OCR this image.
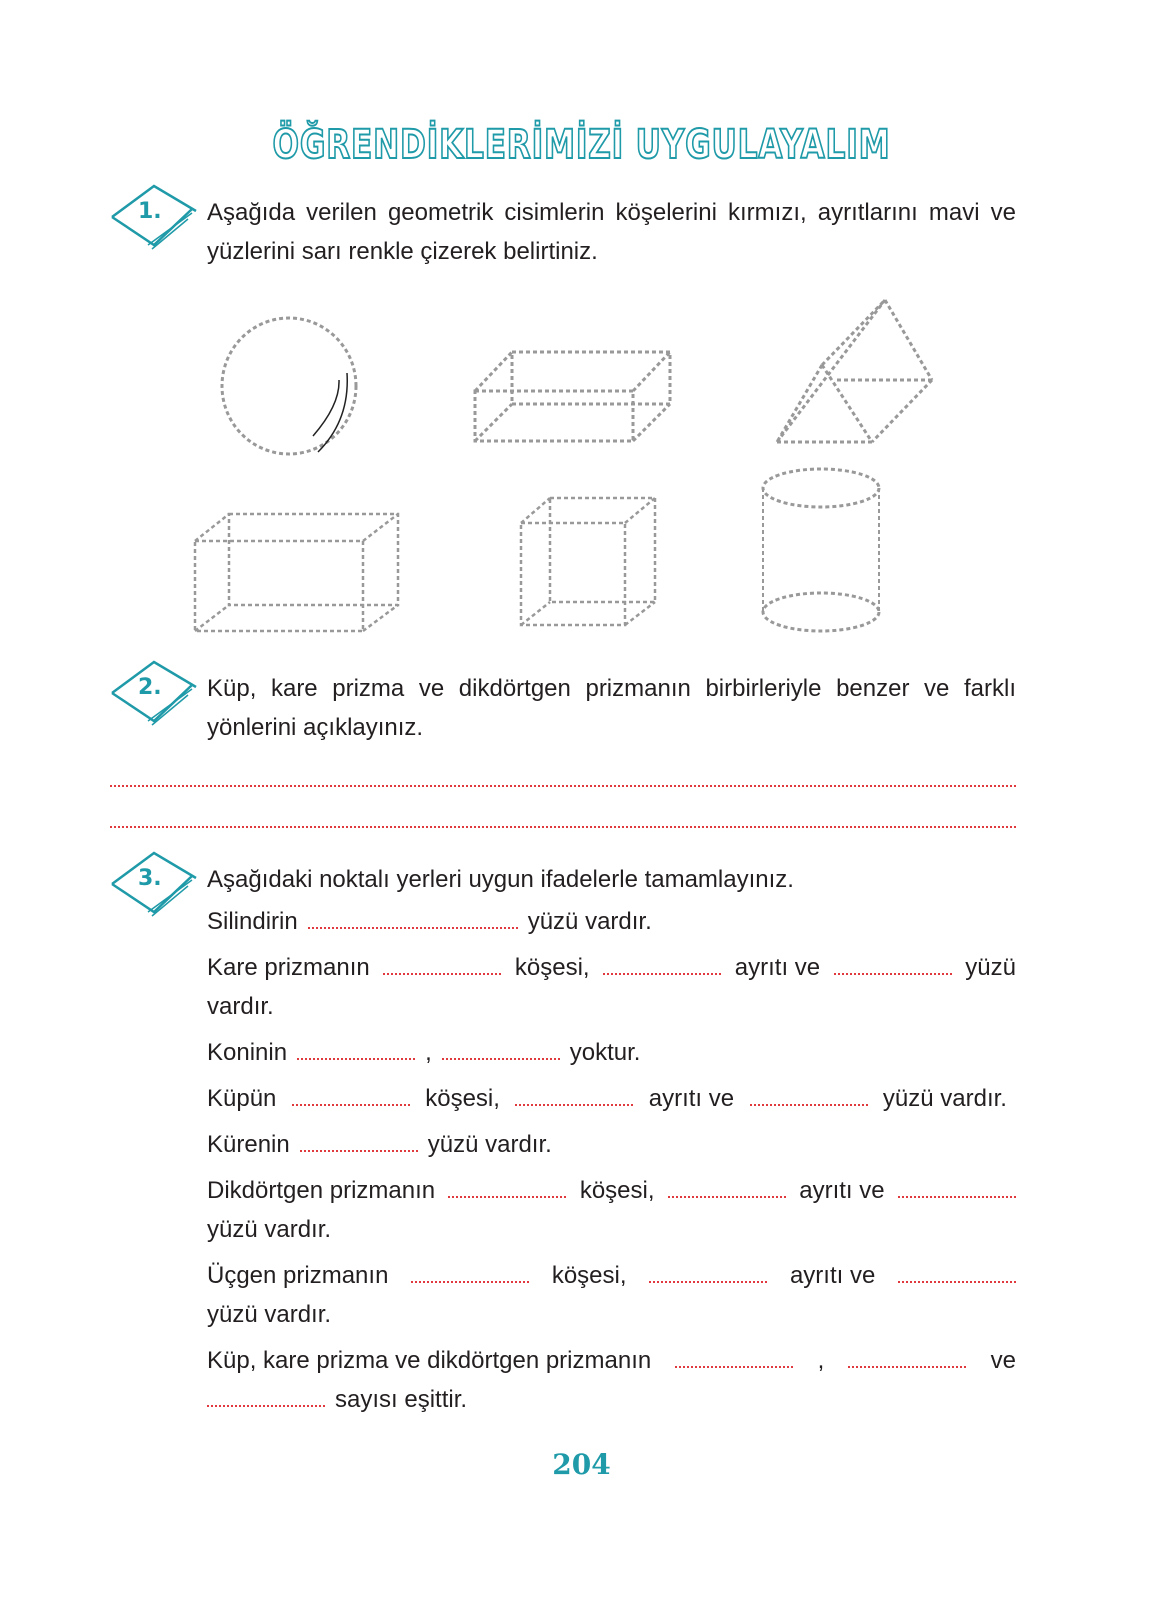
ÖĞRENDİKLERİMİZİ UYGULAYALIM
1. Aşağıda verilen geometrik cisimlerin köşelerini kırmızı, ayrıtlarını mavi ve yüzlerini sarı renkle çizerek belirtiniz.
2. Küp, kare prizma ve dikdörtgen prizmanın birbirleriyle benzer ve farklı yönlerini açıklayınız.
3. Aşağıdaki noktalı yerleri uygun ifadelerle tamamlayınız.
Silindirin	yüzü vardır.
Kare prizmanın	köşesi,	ayrıtı ve	yüzü
vardır.
Koninin	,	yoktur.
Küpün	köşesi,	ayrıtı ve	yüzü vardır.
Kürenin	yüzü vardır.
Dikdörtgen prizmanın	köşesi,	ayrıtı ve
yüzü vardır.
Üçgen prizmanın	köşesi,	ayrıtı ve
yüzü vardır.
Küp, kare prizma ve dikdörtgen prizmanın	,	ve
sayısı eşittir.
204
